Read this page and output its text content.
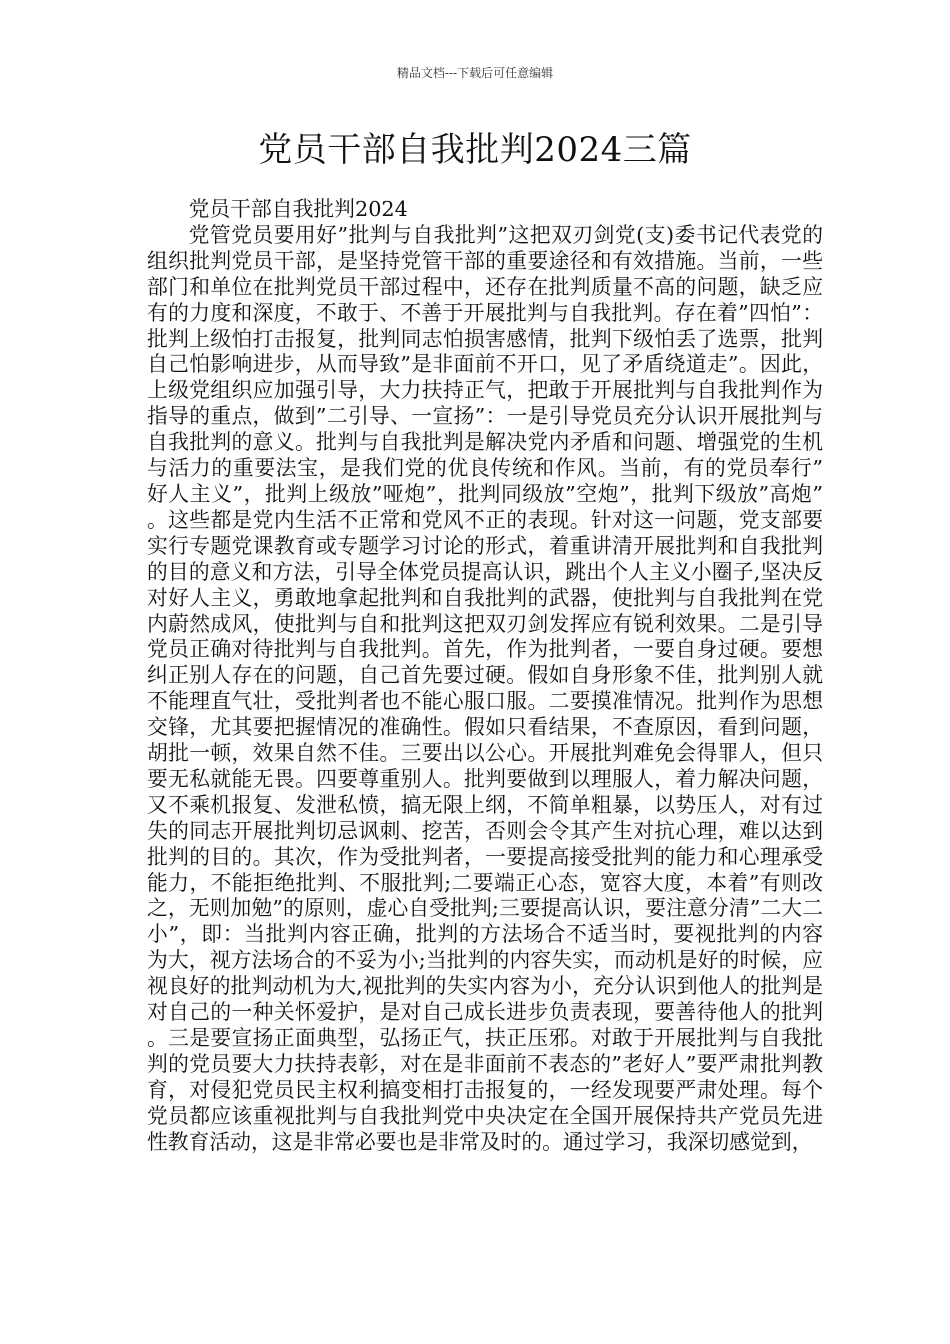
精品文档---下载后可任意编辑
党员干部自我批判2024三篇

党员干部自我批判2024

党管党员要用好”批判与自我批判”这把双刃剑党(支)委书记代表党的组织批判党员干部，是坚持党管干部的重要途径和有效措施。当前，一些部门和单位在批判党员干部过程中，还存在批判质量不高的问题，缺乏应有的力度和深度，不敢于、不善于开展批判与自我批判。存在着”四怕”：批判上级怕打击报复，批判同志怕损害感情，批判下级怕丢了选票，批判自己怕影响进步，从而导致”是非面前不开口，见了矛盾绕道走”。因此，上级党组织应加强引导，大力扶持正气，把敢于开展批判与自我批判作为指导的重点，做到”二引导、一宣扬”：一是引导党员充分认识开展批判与自我批判的意义。批判与自我批判是解决党内矛盾和问题、增强党的生机与活力的重要法宝，是我们党的优良传统和作风。当前，有的党员奉行”好人主义”，批判上级放”哑炮”，批判同级放”空炮”，批判下级放”高炮”。这些都是党内生活不正常和党风不正的表现。针对这一问题，党支部要实行专题党课教育或专题学习讨论的形式，着重讲清开展批判和自我批判的目的意义和方法，引导全体党员提高认识，跳出个人主义小圈子,坚决反对好人主义，勇敢地拿起批判和自我批判的武器，使批判与自我批判在党内蔚然成风，使批判与自和批判这把双刃剑发挥应有锐利效果。二是引导党员正确对待批判与自我批判。首先，作为批判者，一要自身过硬。要想纠正别人存在的问题，自己首先要过硬。假如自身形象不佳，批判别人就不能理直气壮，受批判者也不能心服口服。二要摸准情况。批判作为思想交锋，尤其要把握情况的准确性。假如只看结果，不查原因，看到问题，胡批一顿，效果自然不佳。三要出以公心。开展批判难免会得罪人，但只要无私就能无畏。四要尊重别人。批判要做到以理服人，着力解决问题，又不乘机报复、发泄私愤，搞无限上纲，不简单粗暴，以势压人，对有过失的同志开展批判切忌讽刺、挖苦，否则会令其产生对抗心理，难以达到批判的目的。其次，作为受批判者，一要提高接受批判的能力和心理承受能力，不能拒绝批判、不服批判;二要端正心态，宽容大度，本着”有则改之，无则加勉”的原则，虚心自受批判;三要提高认识，要注意分清”二大二小”，即：当批判内容正确，批判的方法场合不适当时，要视批判的内容为大，视方法场合的不妥为小;当批判的内容失实，而动机是好的时候，应视良好的批判动机为大,视批判的失实内容为小，充分认识到他人的批判是对自己的一种关怀爱护，是对自己成长进步负责表现，要善待他人的批判。三是要宣扬正面典型，弘扬正气，扶正压邪。对敢于开展批判与自我批判的党员要大力扶持表彰，对在是非面前不表态的”老好人”要严肃批判教育，对侵犯党员民主权利搞变相打击报复的，一经发现要严肃处理。每个党员都应该重视批判与自我批判党中央决定在全国开展保持共产党员先进性教育活动，这是非常必要也是非常及时的。通过学习，我深切感觉到，
